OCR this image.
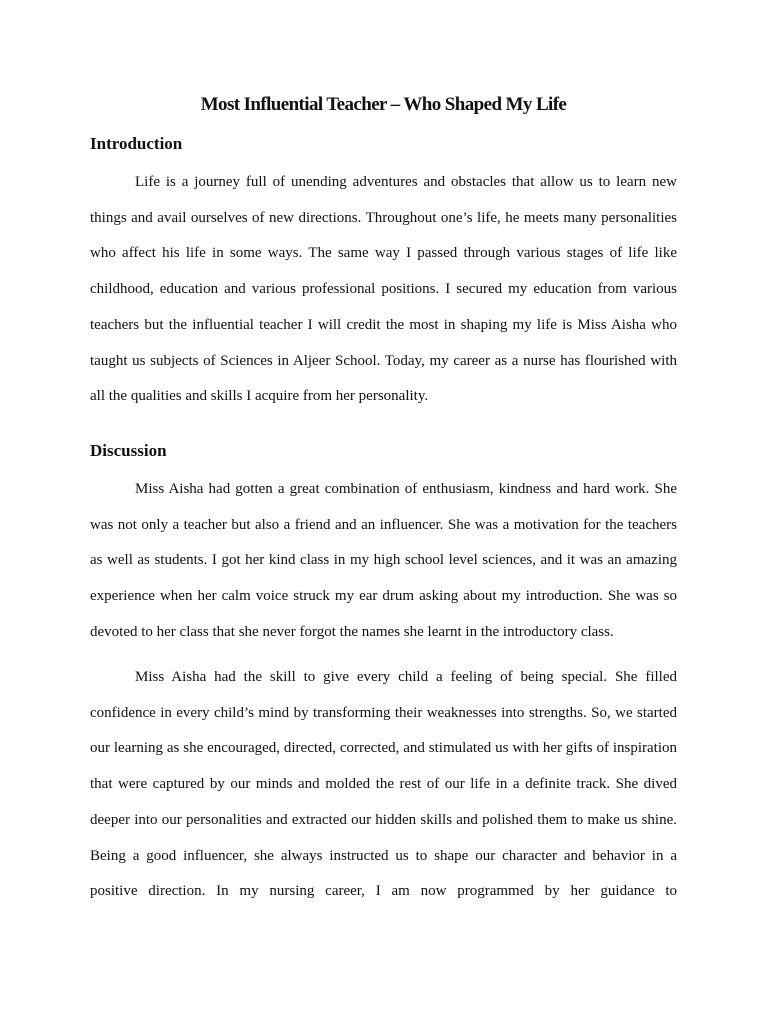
Most Influential Teacher – Who Shaped My Life
Introduction

Life is a journey full of unending adventures and obstacles that allow us to learn new things and avail ourselves of new directions. Throughout one’s life, he meets many personalities who affect his life in some ways. The same way I passed through various stages of life like childhood, education and various professional positions. I secured my education from various teachers but the influential teacher I will credit the most in shaping my life is Miss Aisha who taught us subjects of Sciences in Aljeer School. Today, my career as a nurse has flourished with all the qualities and skills I acquire from her personality.

Discussion

Miss Aisha had gotten a great combination of enthusiasm, kindness and hard work. She was not only a teacher but also a friend and an influencer. She was a motivation for the teachers as well as students. I got her kind class in my high school level sciences, and it was an amazing experience when her calm voice struck my ear drum asking about my introduction. She was so devoted to her class that she never forgot the names she learnt in the introductory class.

Miss Aisha had the skill to give every child a feeling of being special. She filled confidence in every child’s mind by transforming their weaknesses into strengths. So, we started our learning as she encouraged, directed, corrected, and stimulated us with her gifts of inspiration that were captured by our minds and molded the rest of our life in a definite track. She dived deeper into our personalities and extracted our hidden skills and polished them to make us shine. Being a good influencer, she always instructed us to shape our character and behavior in a positive direction. In my nursing career, I am now programmed by her guidance to
